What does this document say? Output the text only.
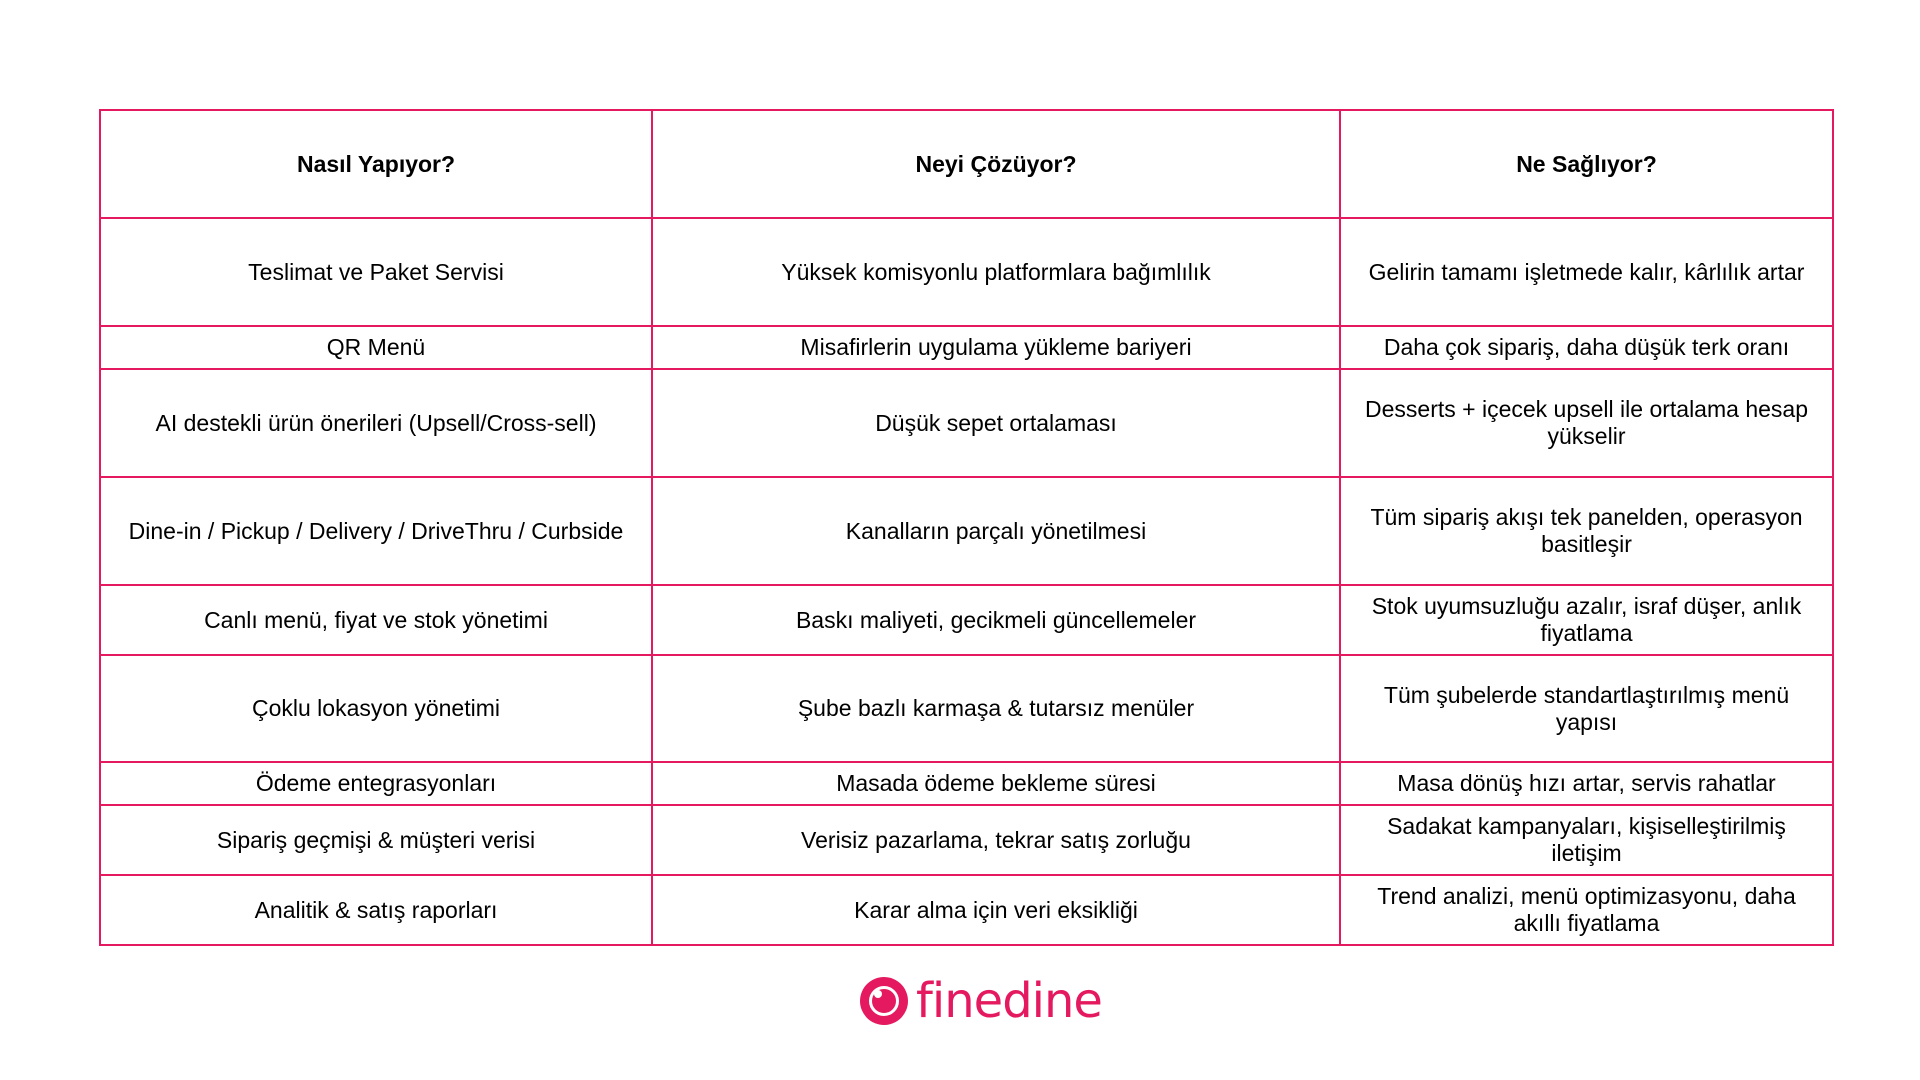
Nasıl Yapıyor?	Neyi Çözüyor?	Ne Sağlıyor?
Teslimat ve Paket Servisi	Yüksek komisyonlu platformlara bağımlılık	Gelirin tamamı işletmede kalır, kârlılık artar
QR Menü	Misafirlerin uygulama yükleme bariyeri	Daha çok sipariş, daha düşük terk oranı
AI destekli ürün önerileri (Upsell/Cross-sell)	Düşük sepet ortalaması	Desserts + içecek upsell ile ortalama hesap yükselir
Dine-in / Pickup / Delivery / DriveThru / Curbside	Kanalların parçalı yönetilmesi	Tüm sipariş akışı tek panelden, operasyon basitleşir
Canlı menü, fiyat ve stok yönetimi	Baskı maliyeti, gecikmeli güncellemeler	Stok uyumsuzluğu azalır, israf düşer, anlık fiyatlama
Çoklu lokasyon yönetimi	Şube bazlı karmaşa & tutarsız menüler	Tüm şubelerde standartlaştırılmış menü yapısı
Ödeme entegrasyonları	Masada ödeme bekleme süresi	Masa dönüş hızı artar, servis rahatlar
Sipariş geçmişi & müşteri verisi	Verisiz pazarlama, tekrar satış zorluğu	Sadakat kampanyaları, kişiselleştirilmiş iletişim
Analitik & satış raporları	Karar alma için veri eksikliği	Trend analizi, menü optimizasyonu, daha akıllı fiyatlama
finedine
